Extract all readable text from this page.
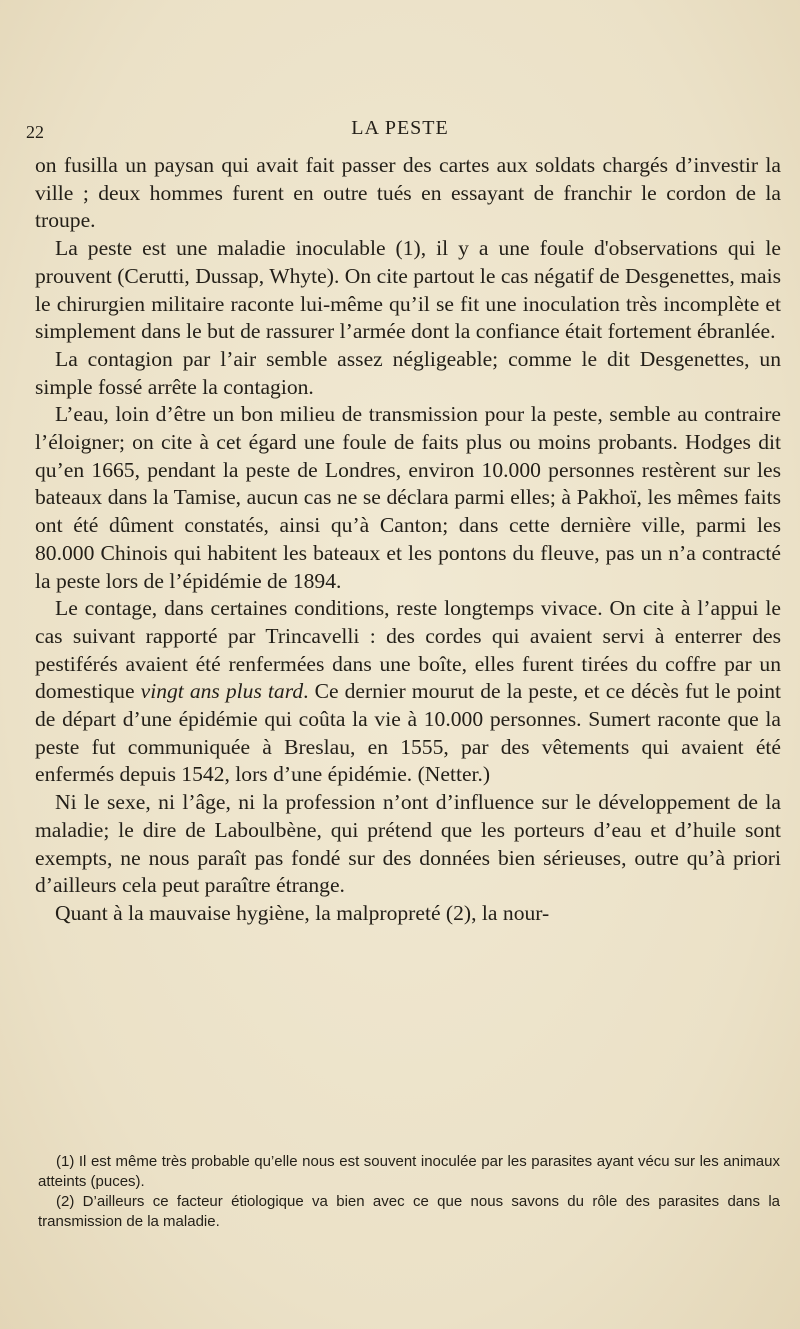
22	LA PESTE

on fusilla un paysan qui avait fait passer des cartes aux soldats chargés d’investir la ville ; deux hommes furent en outre tués en essayant de franchir le cordon de la troupe.

La peste est une maladie inoculable (1), il y a une foule d'observations qui le prouvent (Cerutti, Dussap, Whyte). On cite partout le cas négatif de Desgenettes, mais le chirurgien militaire raconte lui-même qu’il se fit une inoculation très incomplète et simplement dans le but de rassurer l’armée dont la confiance était fortement ébranlée.

La contagion par l’air semble assez négligeable; comme le dit Desgenettes, un simple fossé arrête la contagion.

L’eau, loin d’être un bon milieu de transmission pour la peste, semble au contraire l’éloigner; on cite à cet égard une foule de faits plus ou moins probants. Hodges dit qu’en 1665, pendant la peste de Londres, environ 10.000 personnes restèrent sur les bateaux dans la Tamise, aucun cas ne se déclara parmi elles; à Pakhoï, les mêmes faits ont été dûment constatés, ainsi qu’à Canton; dans cette dernière ville, parmi les 80.000 Chinois qui habitent les bateaux et les pontons du fleuve, pas un n’a contracté la peste lors de l’épidémie de 1894.

Le contage, dans certaines conditions, reste longtemps vivace. On cite à l’appui le cas suivant rapporté par Trincavelli : des cordes qui avaient servi à enterrer des pestiférés avaient été renfermées dans une boîte, elles furent tirées du coffre par un domestique vingt ans plus tard. Ce dernier mourut de la peste, et ce décès fut le point de départ d’une épidémie qui coûta la vie à 10.000 personnes. Sumert raconte que la peste fut communiquée à Breslau, en 1555, par des vêtements qui avaient été enfermés depuis 1542, lors d’une épidémie. (Netter.)

Ni le sexe, ni l’âge, ni la profession n’ont d’influence sur le développement de la maladie; le dire de Laboulbène, qui prétend que les porteurs d’eau et d’huile sont exempts, ne nous paraît pas fondé sur des données bien sérieuses, outre qu’à priori d’ailleurs cela peut paraître étrange.

Quant à la mauvaise hygiène, la malpropreté (2), la nour-

(1) Il est même très probable qu’elle nous est souvent inoculée par les parasites ayant vécu sur les animaux atteints (puces).

(2) D’ailleurs ce facteur étiologique va bien avec ce que nous savons du rôle des parasites dans la transmission de la maladie.
